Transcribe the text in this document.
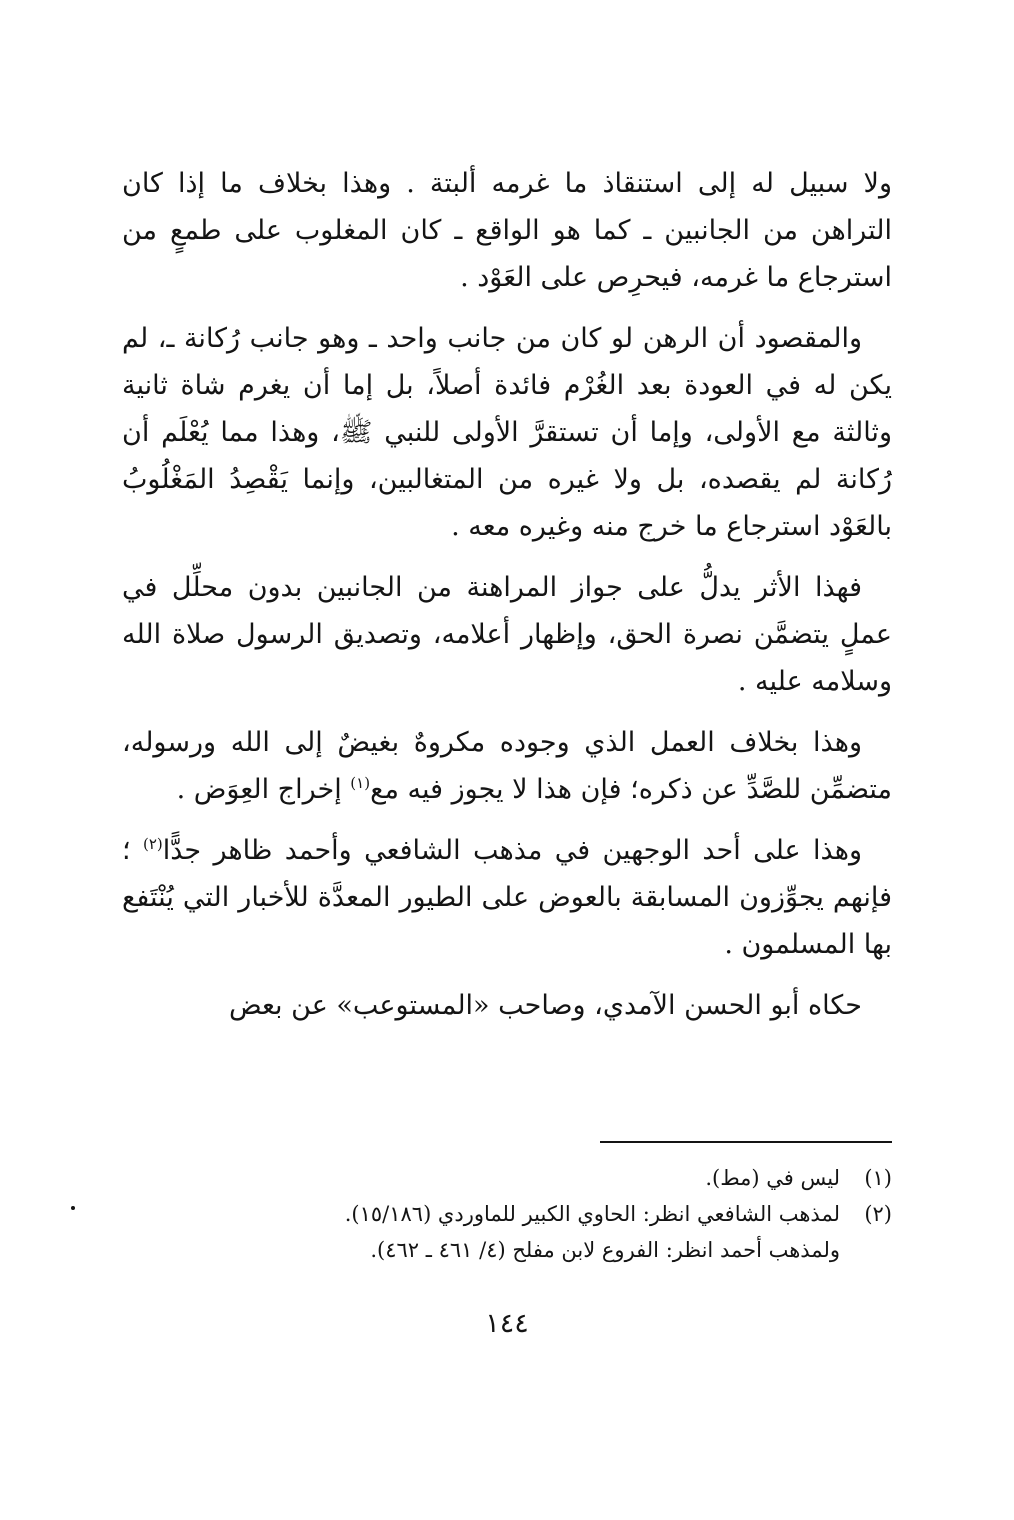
ولا سبيل له إلى استنقاذ ما غرمه ألبتة . وهذا بخلاف ما إذا كان التراهن من الجانبين ـ كما هو الواقع ـ كان المغلوب على طمعٍ من استرجاع ما غرمه، فيحرِص على العَوْد .

والمقصود أن الرهن لو كان من جانب واحد ـ وهو جانب رُكانة ـ، لم يكن له في العودة بعد الغُرْم فائدة أصلاً، بل إما أن يغرم شاة ثانية وثالثة مع الأولى، وإما أن تستقرَّ الأولى للنبي ﷺ، وهذا مما يُعْلَم أن رُكانة لم يقصده، بل ولا غيره من المتغالبين، وإنما يَقْصِدُ المَغْلُوبُ بالعَوْد استرجاع ما خرج منه وغيره معه .

فهذا الأثر يدلُّ على جواز المراهنة من الجانبين بدون محلِّل في عملٍ يتضمَّن نصرة الحق، وإظهار أعلامه، وتصديق الرسول صلاة الله وسلامه عليه .

وهذا بخلاف العمل الذي وجوده مكروهٌ بغيضٌ إلى الله ورسوله، متضمِّن للصَّدِّ عن ذكره؛ فإن هذا لا يجوز فيه مع$^{(١)}$ إخراج العِوَض .

وهذا على أحد الوجهين في مذهب الشافعي وأحمد ظاهر جدًّا$^{(٢)}$ ؛ فإنهم يجوِّزون المسابقة بالعوض على الطيور المعدَّة للأخبار التي يُنْتَفع بها المسلمون .

حكاه أبو الحسن الآمدي، وصاحب «المستوعب» عن بعض

(١)
ليس في (مط).
(٢)
لمذهب الشافعي انظر: الحاوي الكبير للماوردي (١٥/١٨٦).
ولمذهب أحمد انظر: الفروع لابن مفلح (٤/ ٤٦١ ـ ٤٦٢).
١٤٤
